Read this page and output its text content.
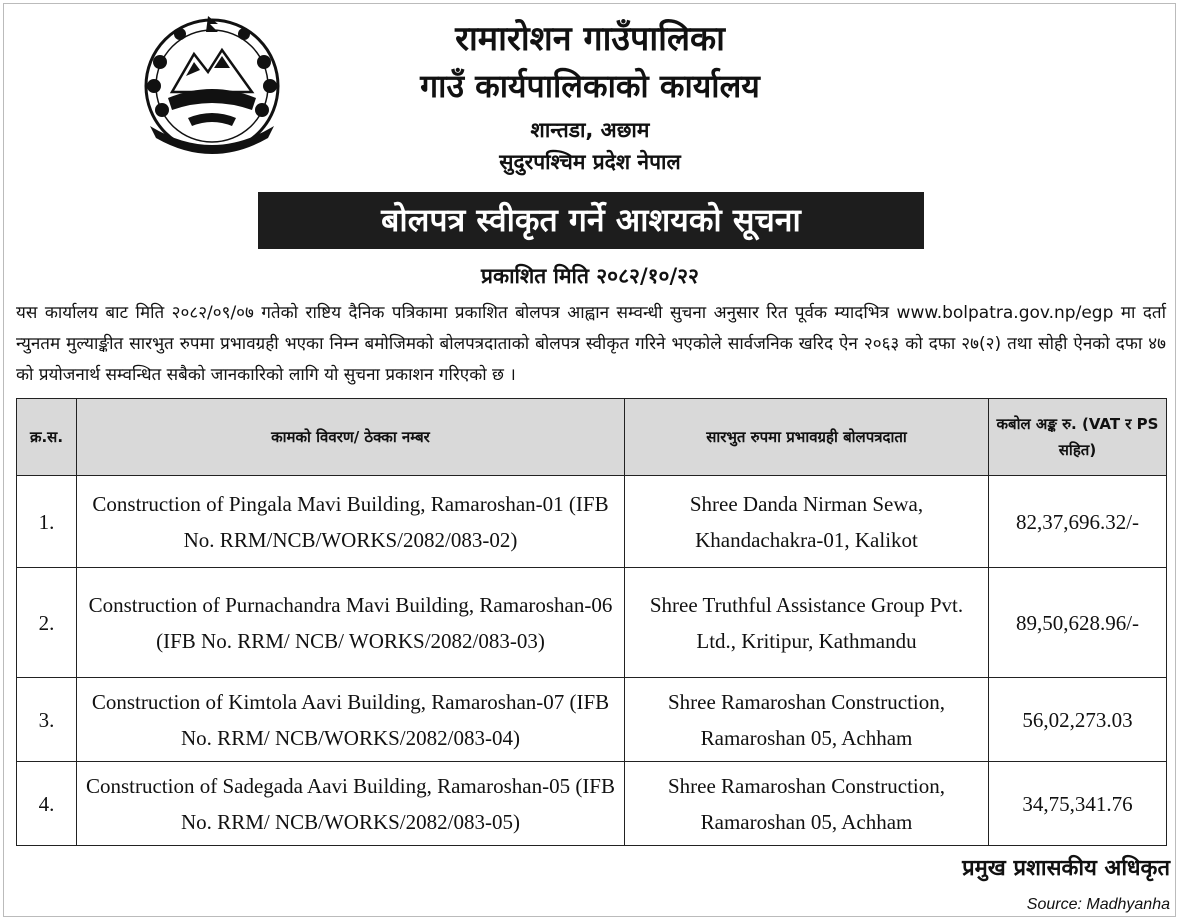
रामारोशन गाउँपालिका
गाउँ कार्यपालिकाको कार्यालय
शान्तडा, अछाम
सुदुरपश्चिम प्रदेश नेपाल
बोलपत्र स्वीकृत गर्ने आशयको सूचना
प्रकाशित मिति २०८२/१०/२२

यस कार्यालय बाट मिति २०८२/०९/०७ गतेको राष्टिय दैनिक पत्रिकामा प्रकाशित बोलपत्र आह्वान सम्वन्धी सुचना अनुसार रित पूर्वक म्यादभित्र www.bolpatra.gov.np/egp मा दर्ता न्युनतम मुल्याङ्कीत सारभुत रुपमा प्रभावग्रही भएका निम्न बमोजिमको बोलपत्रदाताको बोलपत्र स्वीकृत गरिने भएकोले सार्वजनिक खरिद ऐन २०६३ को दफा २७(२) तथा सोही ऐनको दफा ४७ को प्रयोजनार्थ सम्वन्धित सबैको जानकारिको लागि यो सुचना प्रकाशन गरिएको छ ।

क्र.स.	कामको विवरण/ ठेक्का नम्बर	सारभुत रुपमा प्रभावग्रही बोलपत्रदाता	कबोल अङ्क रु. (VAT र PS सहित)
1.	Construction of Pingala Mavi Building, Ramaroshan-01 (IFB No. RRM/NCB/WORKS/2082/083-02)	Shree Danda Nirman Sewa, Khandachakra-01, Kalikot	82,37,696.32/-
2.	Construction of Purnachandra Mavi Building, Ramaroshan-06 (IFB No. RRM/ NCB/ WORKS/2082/083-03)	Shree Truthful Assistance Group Pvt. Ltd., Kritipur, Kathmandu	89,50,628.96/-
3.	Construction of Kimtola Aavi Building, Ramaroshan-07 (IFB No. RRM/ NCB/WORKS/2082/083-04)	Shree Ramaroshan Construction, Ramaroshan 05, Achham	56,02,273.03
4.	Construction of Sadegada Aavi Building, Ramaroshan-05 (IFB No. RRM/ NCB/WORKS/2082/083-05)	Shree Ramaroshan Construction, Ramaroshan 05, Achham	34,75,341.76
प्रमुख प्रशासकीय अधिकृत
Source: Madhyanha
